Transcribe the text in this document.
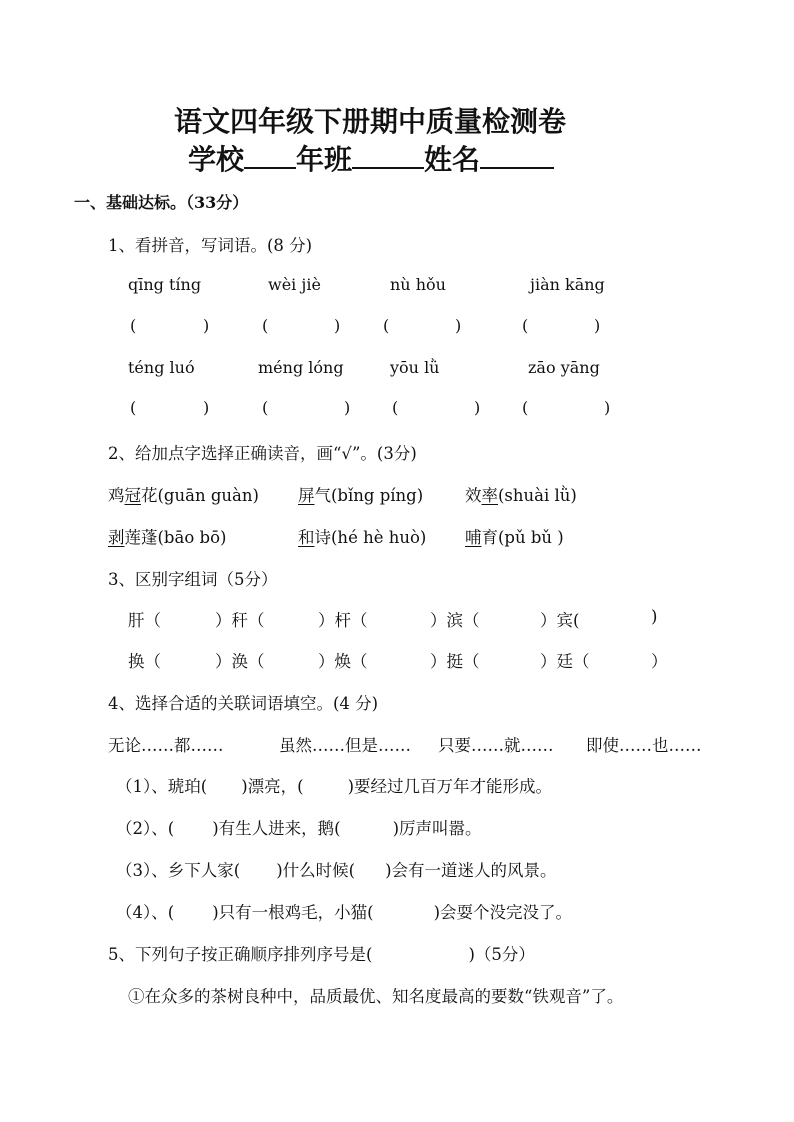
语文四年级下册期中质量检测卷
学校 年班	姓名
一、基础达标。（33分）
1、看拼音，写词语。(8 分)
qīng tíng	wèi jiè	nù hǒu	jiàn kāng
(	)	(	)	(	)	(	)
téng luó	méng lóng	yōu lǜ	zāo yāng
(	)	(	)	(	)	(	)
2、给加点字选择正确读音，画“√”。(3分)
鸡冠花(guān guàn) 屏气(bǐng píng)	效率(shuài lǜ)
剥莲蓬(bāo bō)	和诗(hé hè huò) 哺育(pǔ bǔ )
3、区别字组词（5分）
肝（	）秆（	）杆（	）滨（	）宾(	)
换（	）涣（	）焕（	）挺（	）廷（	）
4、选择合适的关联词语填空。(4 分)
无论……都……	虽然……但是…… 只要……就…… 即使……也……
（1）、琥珀( )漂亮，(	)要经过几百万年才能形成。
（2）、( )有生人进来，鹅(	)厉声叫嚣。
（3）、乡下人家( )什么时候( )会有一道迷人的风景。
（4）、( )只有一根鸡毛，小猫(	)会耍个没完没了。
5、下列句子按正确顺序排列序号是(	)（5分）
①在众多的茶树良种中，品质最优、知名度最高的要数“铁观音”了。
